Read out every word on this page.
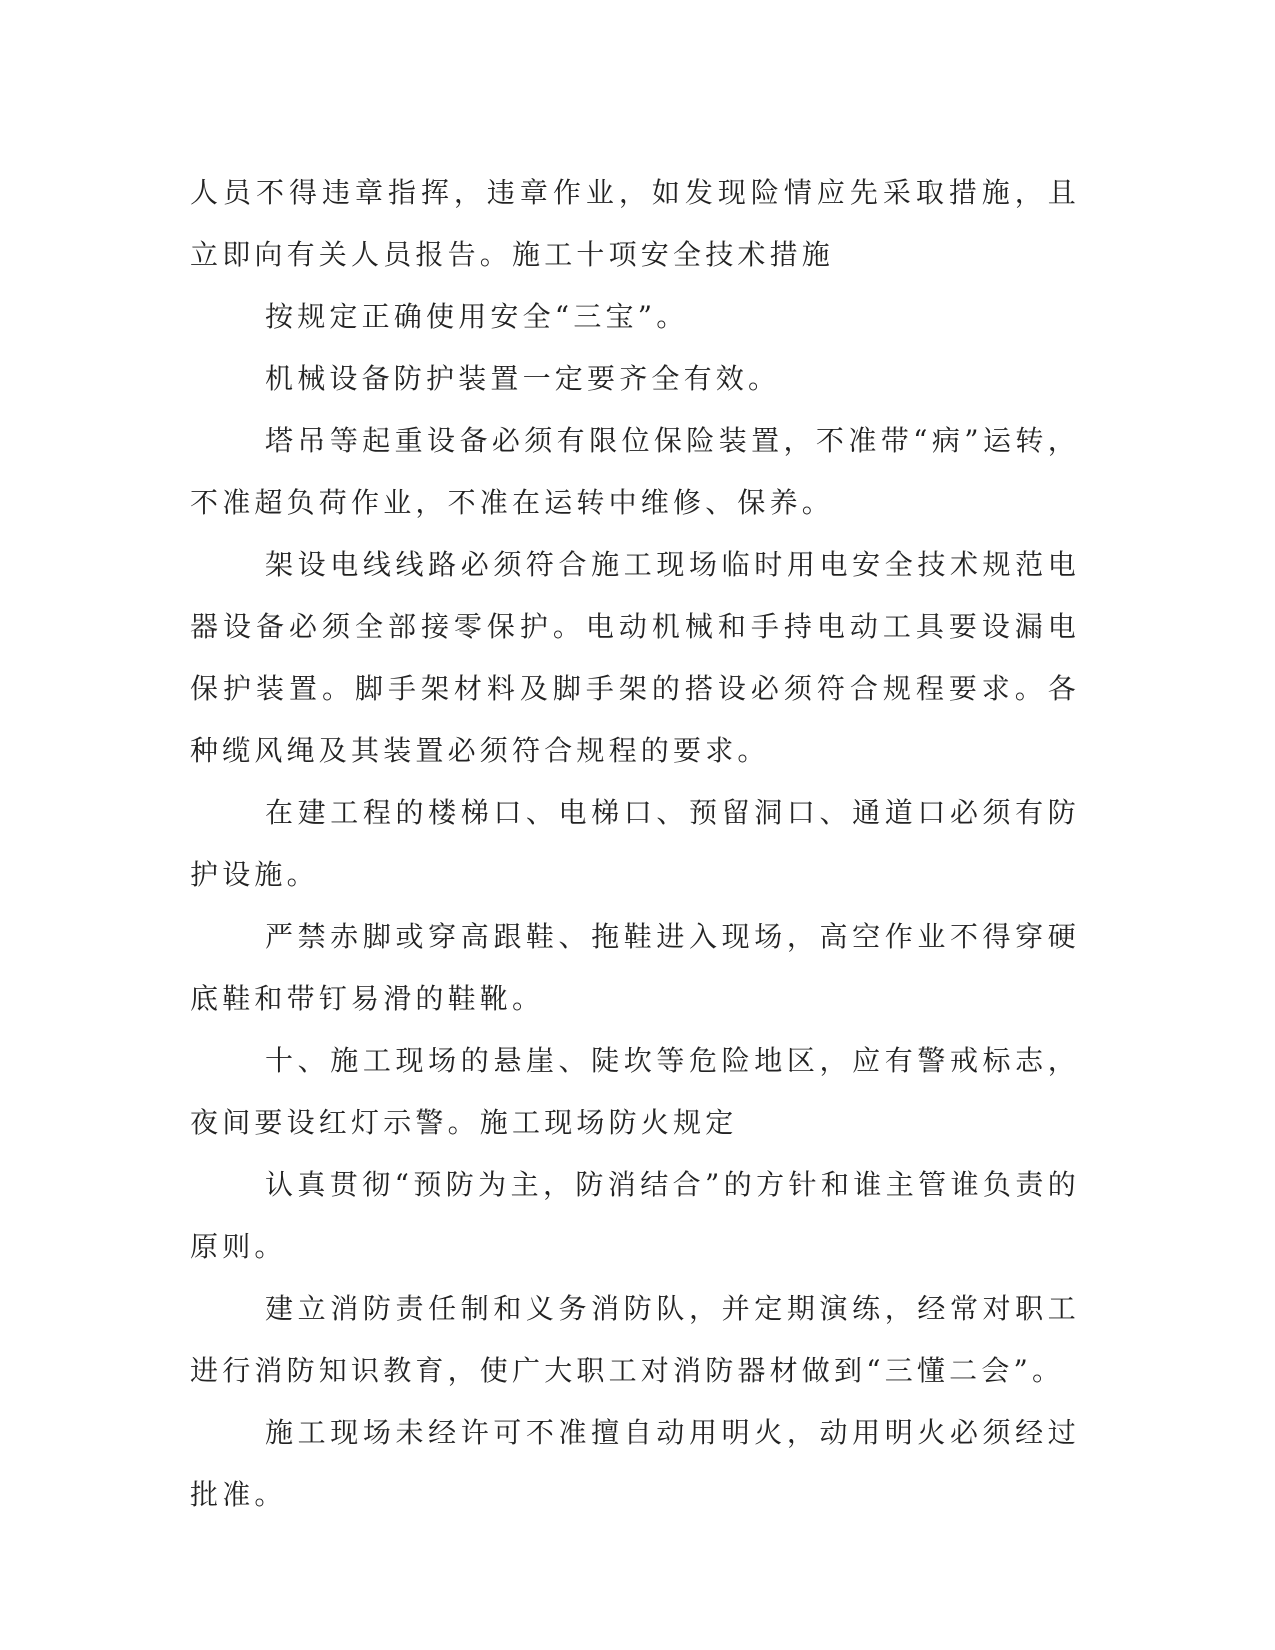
人员不得违章指挥，违章作业，如发现险情应先采取措施，且立即向有关人员报告。施工十项安全技术措施

按规定正确使用安全“三宝”。

机械设备防护装置一定要齐全有效。

塔吊等起重设备必须有限位保险装置，不准带“病”运转，不准超负荷作业，不准在运转中维修、保养。

架设电线线路必须符合施工现场临时用电安全技术规范电器设备必须全部接零保护。电动机械和手持电动工具要设漏电保护装置。脚手架材料及脚手架的搭设必须符合规程要求。各种缆风绳及其装置必须符合规程的要求。

在建工程的楼梯口、电梯口、预留洞口、通道口必须有防护设施。

严禁赤脚或穿高跟鞋、拖鞋进入现场，高空作业不得穿硬底鞋和带钉易滑的鞋靴。

十、施工现场的悬崖、陡坎等危险地区，应有警戒标志，夜间要设红灯示警。施工现场防火规定

认真贯彻“预防为主，防消结合”的方针和谁主管谁负责的原则。

建立消防责任制和义务消防队，并定期演练，经常对职工进行消防知识教育，使广大职工对消防器材做到“三懂二会”。

施工现场未经许可不准擅自动用明火，动用明火必须经过批准。
